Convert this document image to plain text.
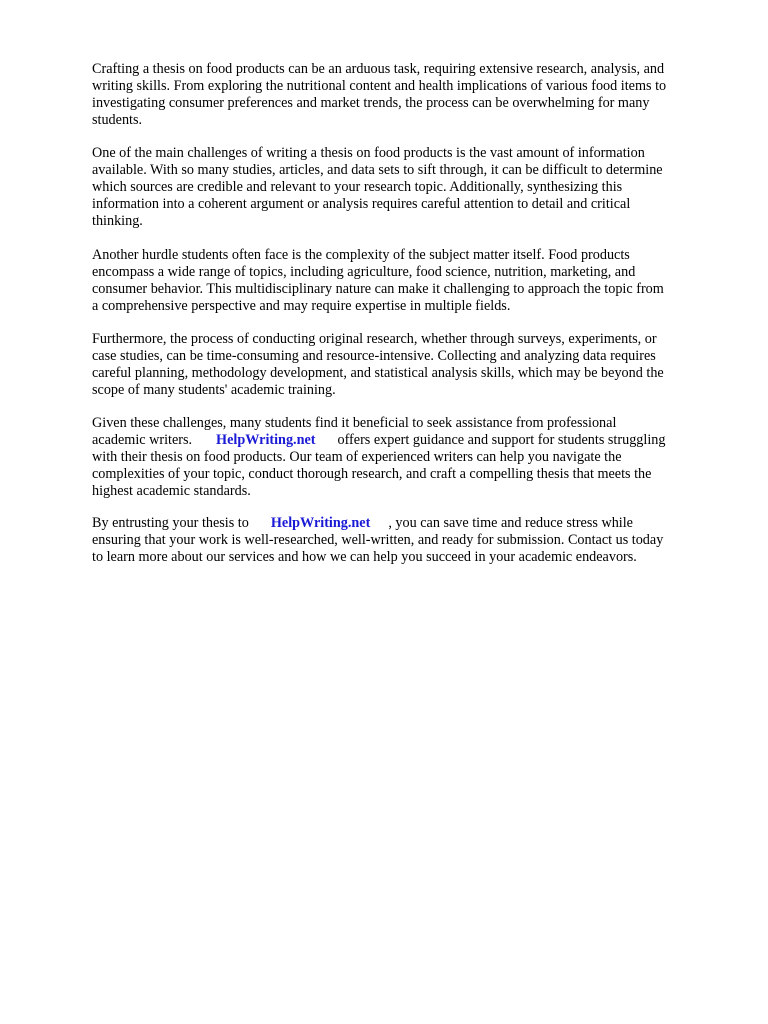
Crafting a thesis on food products can be an arduous task, requiring extensive research, analysis, and
writing skills. From exploring the nutritional content and health implications of various food items to
investigating consumer preferences and market trends, the process can be overwhelming for many
students.
One of the main challenges of writing a thesis on food products is the vast amount of information
available. With so many studies, articles, and data sets to sift through, it can be difficult to determine
which sources are credible and relevant to your research topic. Additionally, synthesizing this
information into a coherent argument or analysis requires careful attention to detail and critical
thinking.
Another hurdle students often face is the complexity of the subject matter itself. Food products
encompass a wide range of topics, including agriculture, food science, nutrition, marketing, and
consumer behavior. This multidisciplinary nature can make it challenging to approach the topic from
a comprehensive perspective and may require expertise in multiple fields.
Furthermore, the process of conducting original research, whether through surveys, experiments, or
case studies, can be time-consuming and resource-intensive. Collecting and analyzing data requires
careful planning, methodology development, and statistical analysis skills, which may be beyond the
scope of many students' academic training.
Given these challenges, many students find it beneficial to seek assistance from professional
academic writers. HelpWriting.net offers expert guidance and support for students struggling
with their thesis on food products. Our team of experienced writers can help you navigate the
complexities of your topic, conduct thorough research, and craft a compelling thesis that meets the
highest academic standards.
By entrusting your thesis to HelpWriting.net , you can save time and reduce stress while
ensuring that your work is well-researched, well-written, and ready for submission. Contact us today
to learn more about our services and how we can help you succeed in your academic endeavors.
